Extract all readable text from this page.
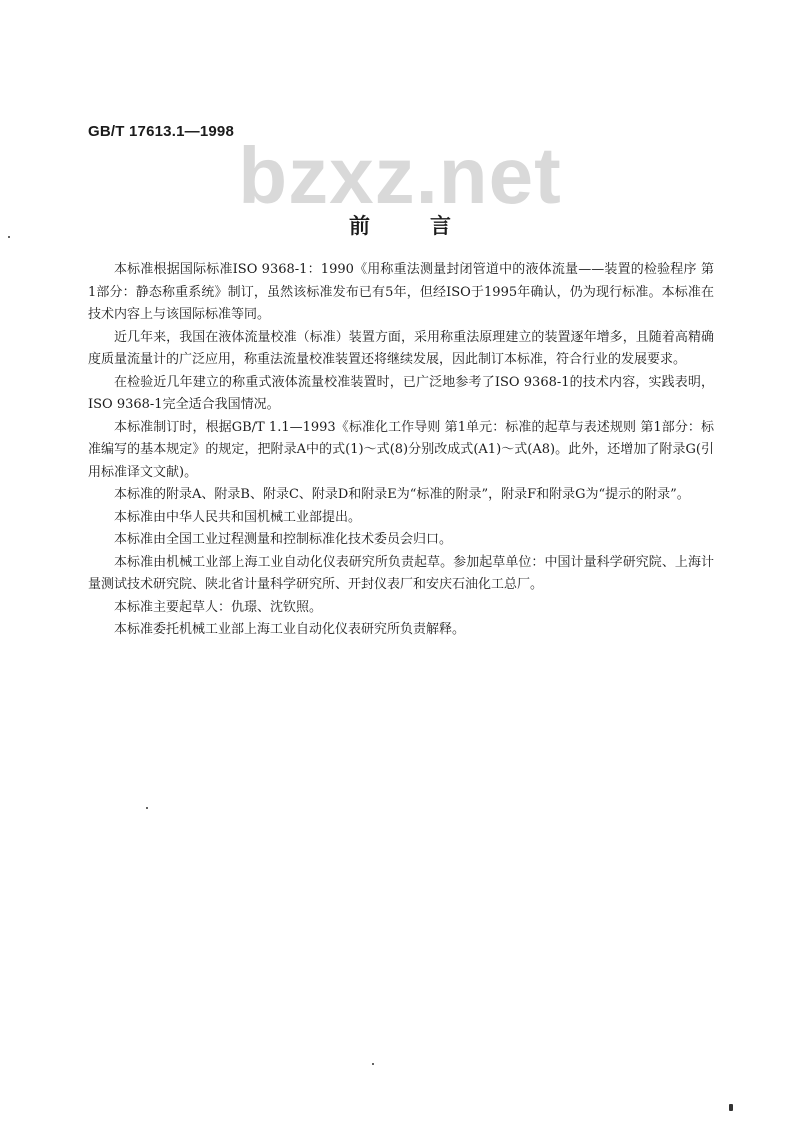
GB/T 17613.1—1998 bzxz.net
前	言

本标准根据国际标准ISO 9368-1：1990《用称重法测量封闭管道中的液体流量——装置的检验程序 第1部分：静态称重系统》制订，虽然该标准发布已有5年，但经ISO于1995年确认，仍为现行标准。本标准在技术内容上与该国际标准等同。

近几年来，我国在液体流量校准（标准）装置方面，采用称重法原理建立的装置逐年增多，且随着高精确度质量流量计的广泛应用，称重法流量校准装置还将继续发展，因此制订本标准，符合行业的发展要求。

在检验近几年建立的称重式液体流量校准装置时，已广泛地参考了ISO 9368-1的技术内容，实践表明，ISO 9368-1完全适合我国情况。

本标准制订时，根据GB/T 1.1—1993《标准化工作导则 第1单元：标准的起草与表述规则 第1部分：标准编写的基本规定》的规定，把附录A中的式(1)～式(8)分别改成式(A1)～式(A8)。此外，还增加了附录G(引用标准译文文献)。

本标准的附录A、附录B、附录C、附录D和附录E为“标准的附录”，附录F和附录G为“提示的附录”。

本标准由中华人民共和国机械工业部提出。

本标准由全国工业过程测量和控制标准化技术委员会归口。

本标准由机械工业部上海工业自动化仪表研究所负责起草。参加起草单位：中国计量科学研究院、上海计量测试技术研究院、陕北省计量科学研究所、开封仪表厂和安庆石油化工总厂。

本标准主要起草人：仇璟、沈钦照。

本标准委托机械工业部上海工业自动化仪表研究所负责解释。
